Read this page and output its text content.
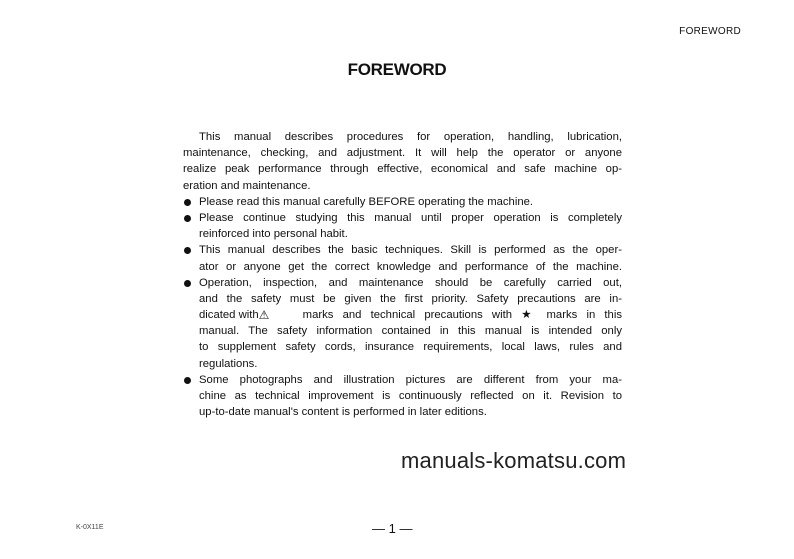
FOREWORD
FOREWORD
This manual describes procedures for operation, handling, lubrication,
maintenance, checking, and adjustment. It will help the operator or anyone
realize peak performance through effective, economical and safe machine op-
eration and maintenance.
Please read this manual carefully BEFORE operating the machine.
Please continue studying this manual until proper operation is completely
reinforced into personal habit.
This manual describes the basic techniques. Skill is performed as the oper-
ator or anyone get the correct knowledge and performance of the machine.
Operation, inspection, and maintenance should be carefully carried out,
and the safety must be given the first priority. Safety precautions are in-
dicated with ⚠	marks and technical precautions with ★ marks in this
manual. The safety information contained in this manual is intended only
to supplement safety cords, insurance requirements, local laws, rules and
regulations.
Some photographs and illustration pictures are different from your ma-
chine as technical improvement is continuously reflected on it. Revision to
up-to-date manual's content is performed in later editions.
manuals-komatsu.com
K-0X11E	— 1 —
